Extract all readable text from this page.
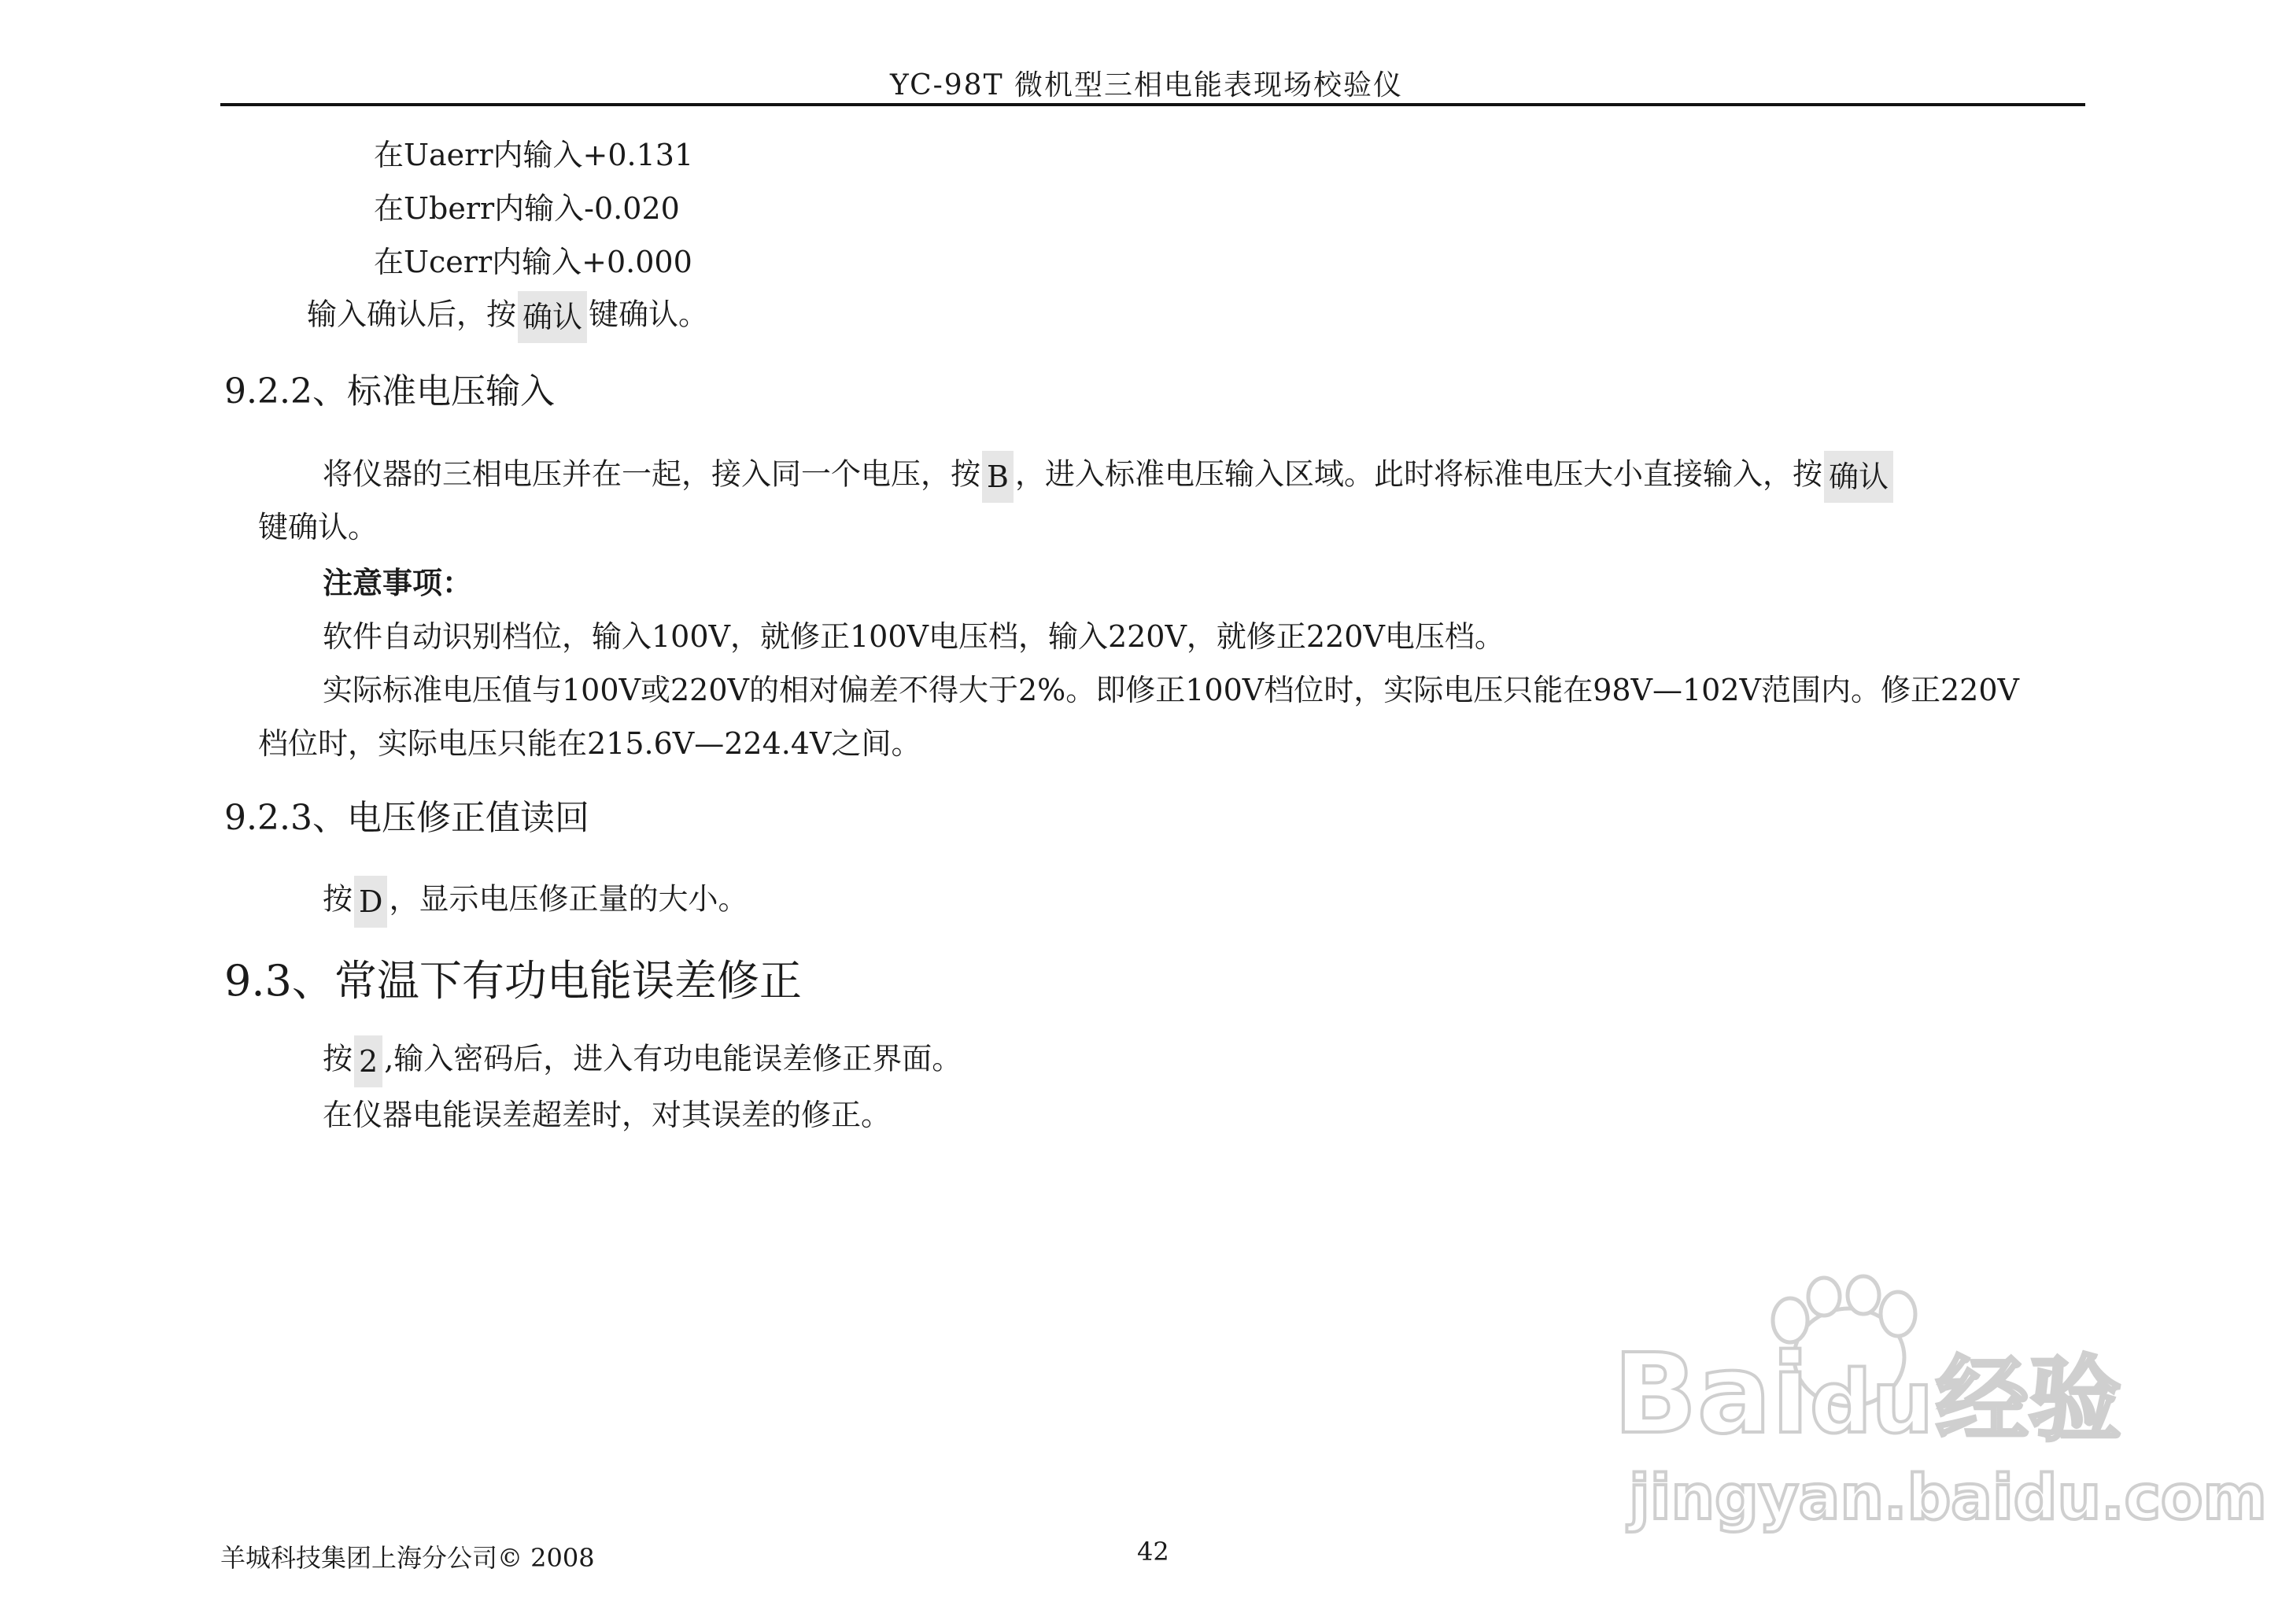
YC-98T 微机型三相电能表现场校验仪
在Uaerr内输入+0.131
在Uberr内输入-0.020
在Ucerr内输入+0.000
输入确认后，按 确认 键确认。
9.2.2、标准电压输入
将仪器的三相电压并在一起，接入同一个电压，按 B ，进入标准电压输入区域。此时将标准电压大小直接输入，按 确认
键确认。
注意事项：
软件自动识别档位，输入100V，就修正100V电压档，输入220V，就修正220V电压档。
实际标准电压值与100V或220V的相对偏差不得大于2%。即修正100V档位时，实际电压只能在98V—102V范围内。修正220V
档位时，实际电压只能在215.6V—224.4V之间。
9.2.3、电压修正值读回
按 D ，显示电压修正量的大小。
9.3、常温下有功电能误差修正
按 2 ,输入密码后，进入有功电能误差修正界面。
在仪器电能误差超差时，对其误差的修正。
羊城科技集团上海分公司© 2008	42
Bai du 经验
jingyan.baidu.com
